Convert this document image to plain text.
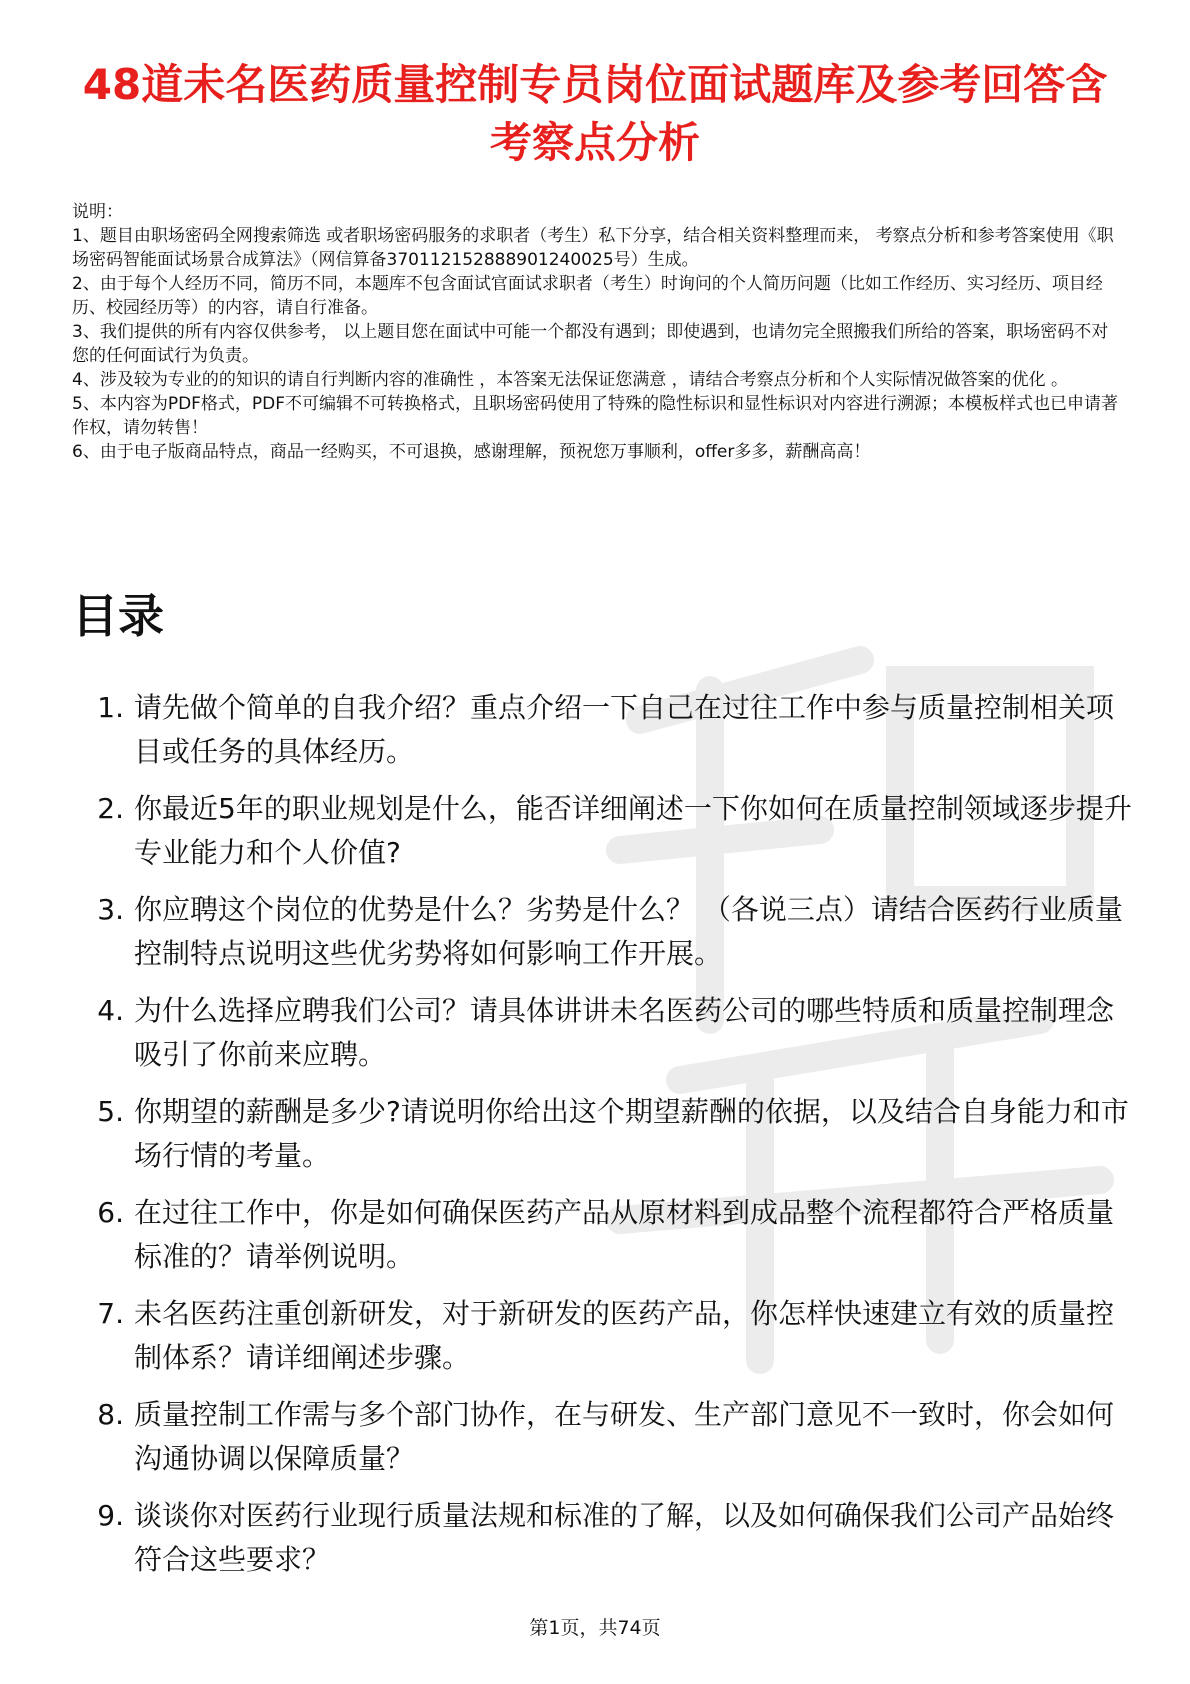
48道未名医药质量控制专员岗位面试题库及参考回答含考察点分析

说明：

1、题目由职场密码全网搜索筛选 或者职场密码服务的求职者（考生）私下分享，结合相关资料整理而来， 考察点分析和参考答案使用《职场密码智能面试场景合成算法》（网信算备370112152888901240025号）生成。

2、由于每个人经历不同，简历不同，本题库不包含面试官面试求职者（考生）时询问的个人简历问题（比如工作经历、实习经历、项目经历、校园经历等）的内容，请自行准备。

3、我们提供的所有内容仅供参考， 以上题目您在面试中可能一个都没有遇到；即使遇到，也请勿完全照搬我们所给的答案，职场密码不对您的任何面试行为负责。

4、涉及较为专业的的知识的请自行判断内容的准确性 ，本答案无法保证您满意 ，请结合考察点分析和个人实际情况做答案的优化 。

5、本内容为PDF格式，PDF不可编辑不可转换格式，且职场密码使用了特殊的隐性标识和显性标识对内容进行溯源；本模板样式也已申请著作权，请勿转售！

6、由于电子版商品特点，商品一经购买，不可退换，感谢理解，预祝您万事顺利，offer多多，薪酬高高！

目录
1. 请先做个简单的自我介绍？重点介绍一下自己在过往工作中参与质量控制相关项目或任务的具体经历。
2. 你最近5年的职业规划是什么，能否详细阐述一下你如何在质量控制领域逐步提升专业能力和个人价值?
3. 你应聘这个岗位的优势是什么？劣势是什么？ （各说三点）请结合医药行业质量控制特点说明这些优劣势将如何影响工作开展。
4. 为什么选择应聘我们公司？请具体讲讲未名医药公司的哪些特质和质量控制理念吸引了你前来应聘。
5. 你期望的薪酬是多少?请说明你给出这个期望薪酬的依据，以及结合自身能力和市场行情的考量。
6. 在过往工作中，你是如何确保医药产品从原材料到成品整个流程都符合严格质量标准的？请举例说明。
7. 未名医药注重创新研发，对于新研发的医药产品，你怎样快速建立有效的质量控制体系？请详细阐述步骤。
8. 质量控制工作需与多个部门协作，在与研发、生产部门意见不一致时，你会如何沟通协调以保障质量？
9. 谈谈你对医药行业现行质量法规和标准的了解，以及如何确保我们公司产品始终符合这些要求？
第1页，共74页
